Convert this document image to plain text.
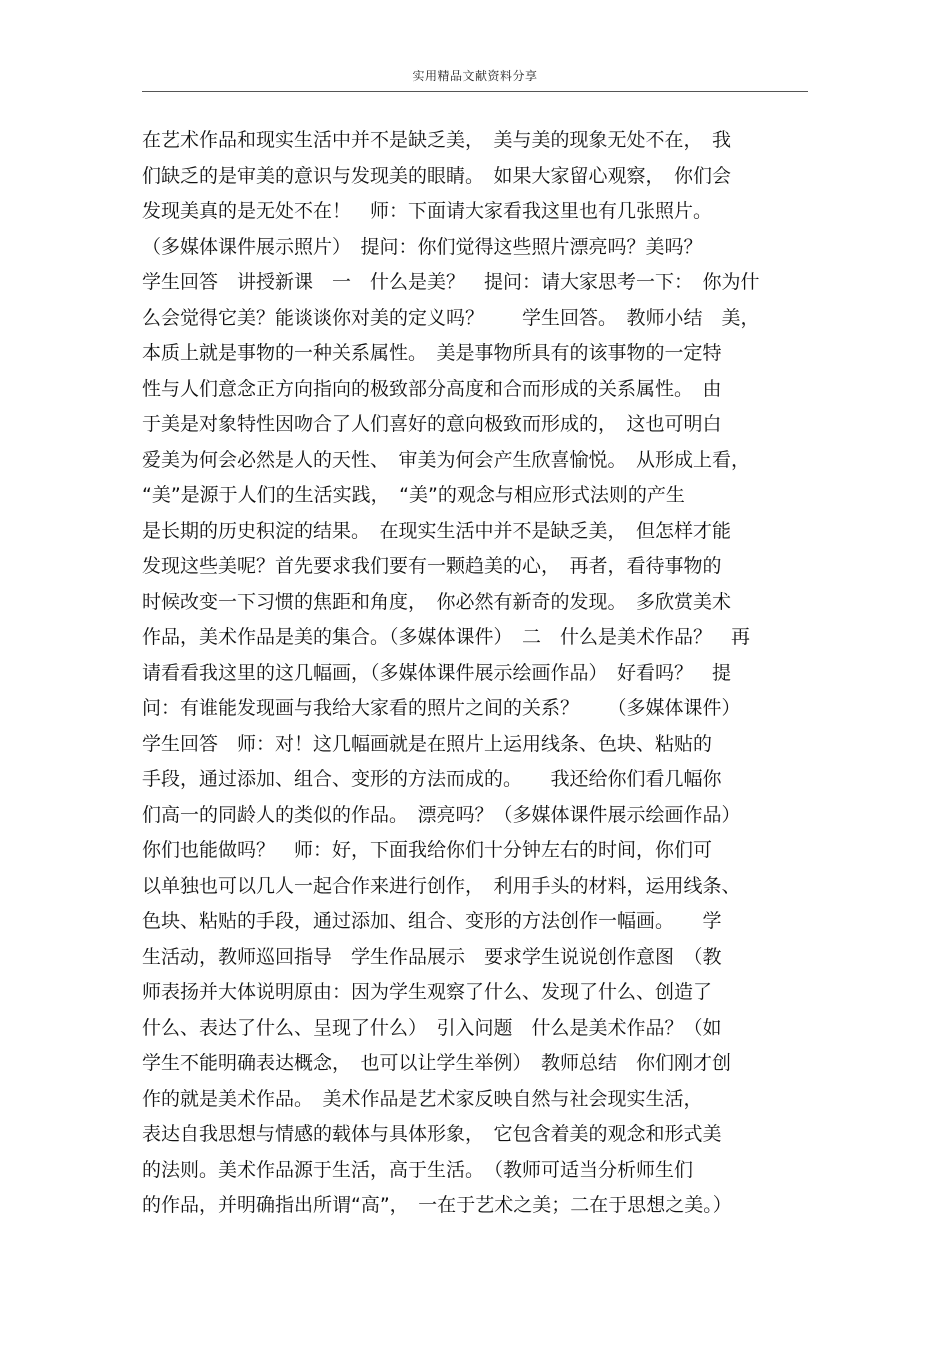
实用精品文献资料分享
在艺术作品和现实生活中并不是缺乏美，　美与美的现象无处不在，　我
们缺乏的是审美的意识与发现美的眼睛。　如果大家留心观察，　你们会
发现美真的是无处不在！　师：下面请大家看我这里也有几张照片。
（多媒体课件展示照片）　提问：你们觉得这些照片漂亮吗？美吗？
学生回答　讲授新课　一　什么是美？　提问：请大家思考一下：　你为什
么会觉得它美？能谈谈你对美的定义吗？　　学生回答。　教师小结　美，
本质上就是事物的一种关系属性。　美是事物所具有的该事物的一定特
性与人们意念正方向指向的极致部分高度和合而形成的关系属性。　由
于美是对象特性因吻合了人们喜好的意向极致而形成的，　这也可明白
爱美为何会必然是人的天性、　审美为何会产生欣喜愉悦。　从形成上看，
“美”是源于人们的生活实践，　“美”的观念与相应形式法则的产生
是长期的历史积淀的结果。　在现实生活中并不是缺乏美，　但怎样才能
发现这些美呢？首先要求我们要有一颗趋美的心，　再者，看待事物的
时候改变一下习惯的焦距和角度，　你必然有新奇的发现。　多欣赏美术
作品，美术作品是美的集合。（多媒体课件）　二　什么是美术作品？　再
请看看我这里的这几幅画，（多媒体课件展示绘画作品）　好看吗？　提
问：有谁能发现画与我给大家看的照片之间的关系？　　（多媒体课件）
学生回答　师：对！这几幅画就是在照片上运用线条、色块、粘贴的
手段，通过添加、组合、变形的方法而成的。　　我还给你们看几幅你
们高一的同龄人的类似的作品。　漂亮吗？（多媒体课件展示绘画作品）
你们也能做吗？　师：好，下面我给你们十分钟左右的时间，你们可
以单独也可以几人一起合作来进行创作，　利用手头的材料，运用线条、
色块、粘贴的手段，通过添加、组合、变形的方法创作一幅画。　　学
生活动，教师巡回指导　学生作品展示　要求学生说说创作意图　（教
师表扬并大体说明原由：因为学生观察了什么、发现了什么、创造了
什么、表达了什么、呈现了什么）　引入问题　什么是美术作品？（如
学生不能明确表达概念，　也可以让学生举例）　教师总结　你们刚才创
作的就是美术作品。　美术作品是艺术家反映自然与社会现实生活，
表达自我思想与情感的载体与具体形象，　它包含着美的观念和形式美
的法则。美术作品源于生活，高于生活。　（教师可适当分析师生们
的作品，并明确指出所谓“高”，　一在于艺术之美；二在于思想之美。）
